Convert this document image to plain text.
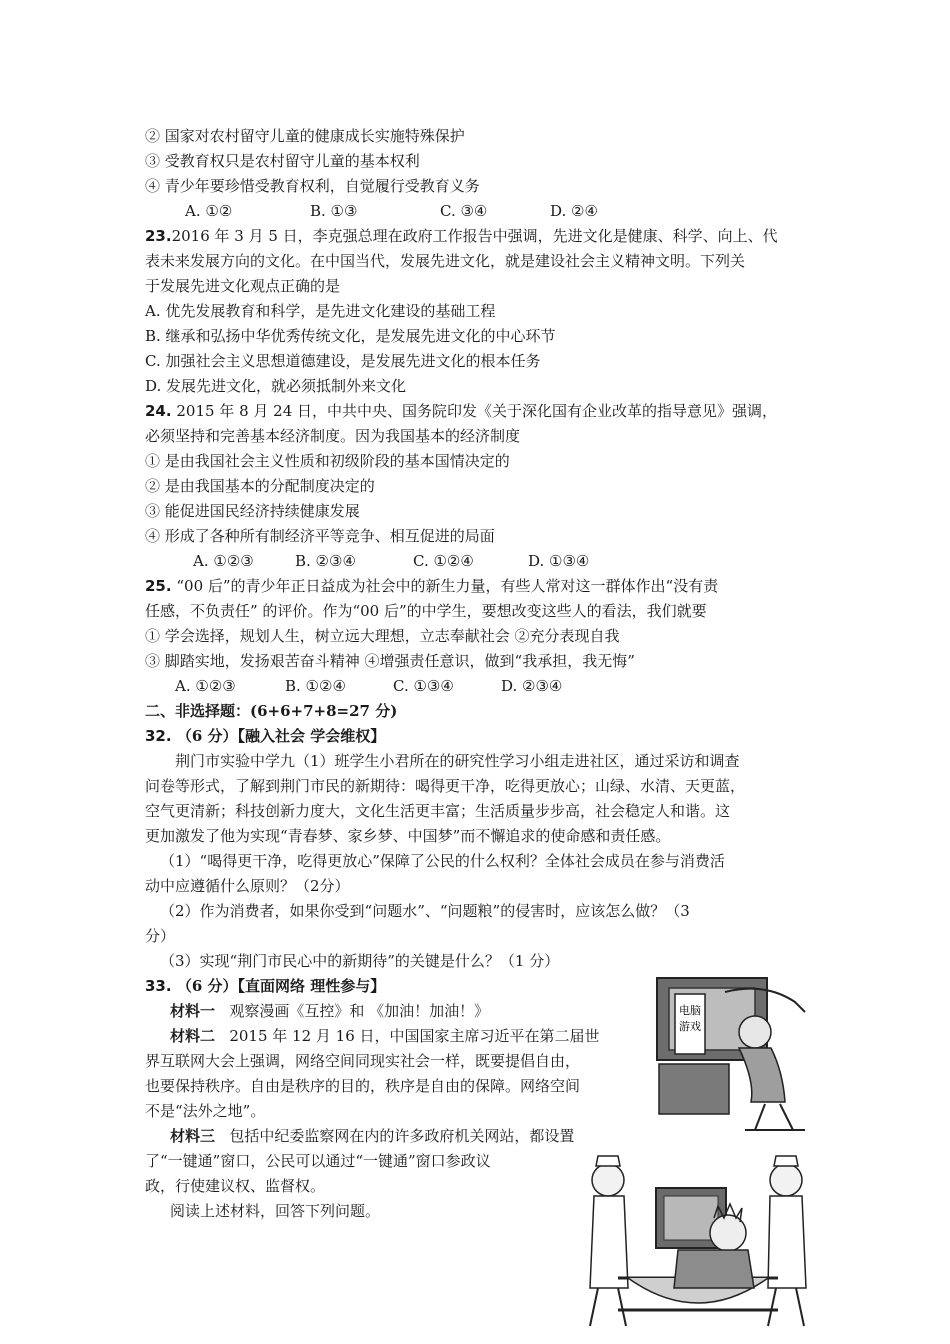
② 国家对农村留守儿童的健康成长实施特殊保护
③ 受教育权只是农村留守儿童的基本权利
④ 青少年要珍惜受教育权利，自觉履行受教育义务
A. ①②	B. ①③	C. ③④	D. ②④
23.2016 年 3 月 5 日，李克强总理在政府工作报告中强调，先进文化是健康、科学、向上、代
表未来发展方向的文化。在中国当代，发展先进文化，就是建设社会主义精神文明。下列关
于发展先进文化观点正确的是
A. 优先发展教育和科学，是先进文化建设的基础工程
B. 继承和弘扬中华优秀传统文化，是发展先进文化的中心环节
C. 加强社会主义思想道德建设，是发展先进文化的根本任务
D. 发展先进文化，就必须抵制外来文化
24. 2015 年 8 月 24 日，中共中央、国务院印发《关于深化国有企业改革的指导意见》强调，
必须坚持和完善基本经济制度。因为我国基本的经济制度
① 是由我国社会主义性质和初级阶段的基本国情决定的
② 是由我国基本的分配制度决定的
③ 能促进国民经济持续健康发展
④ 形成了各种所有制经济平等竞争、相互促进的局面
A. ①②③	B. ②③④	C. ①②④	D. ①③④
25. “00 后”的青少年正日益成为社会中的新生力量，有些人常对这一群体作出“没有责
任感，不负责任” 的评价。作为“00 后”的中学生，要想改变这些人的看法，我们就要
① 学会选择，规划人生，树立远大理想，立志奉献社会 ②充分表现自我
③ 脚踏实地，发扬艰苦奋斗精神 ④增强责任意识，做到“我承担，我无悔”
A. ①②③	B. ①②④	C. ①③④	D. ②③④
二、非选择题：(6+6+7+8=27 分)
32. （6 分）【融入社会 学会维权】
荆门市实验中学九（1）班学生小君所在的研究性学习小组走进社区，通过采访和调查
问卷等形式，了解到荆门市民的新期待：喝得更干净，吃得更放心；山绿、水清、天更蓝，
空气更清新；科技创新力度大，文化生活更丰富；生活质量步步高，社会稳定人和谐。这
更加激发了他为实现“青春梦、家乡梦、中国梦”而不懈追求的使命感和责任感。
（1）“喝得更干净，吃得更放心”保障了公民的什么权利？全体社会成员在参与消费活
动中应遵循什么原则？（2分）
（2）作为消费者，如果你受到“问题水”、“问题粮”的侵害时，应该怎么做？（3
分）
（3）实现“荆门市民心中的新期待”的关键是什么？（1 分）
33. （6 分）【直面网络 理性参与】
材料一 观察漫画《互控》和 《加油！加油！》
材料二 2015 年 12 月 16 日，中国国家主席习近平在第二届世
界互联网大会上强调，网络空间同现实社会一样，既要提倡自由，
也要保持秩序。自由是秩序的目的，秩序是自由的保障。网络空间
不是“法外之地”。
材料三 包括中纪委监察网在内的许多政府机关网站，都设置
了“一键通”窗口，公民可以通过“一键通”窗口参政议
政，行使建议权、监督权。
阅读上述材料，回答下列问题。
电脑
游戏
